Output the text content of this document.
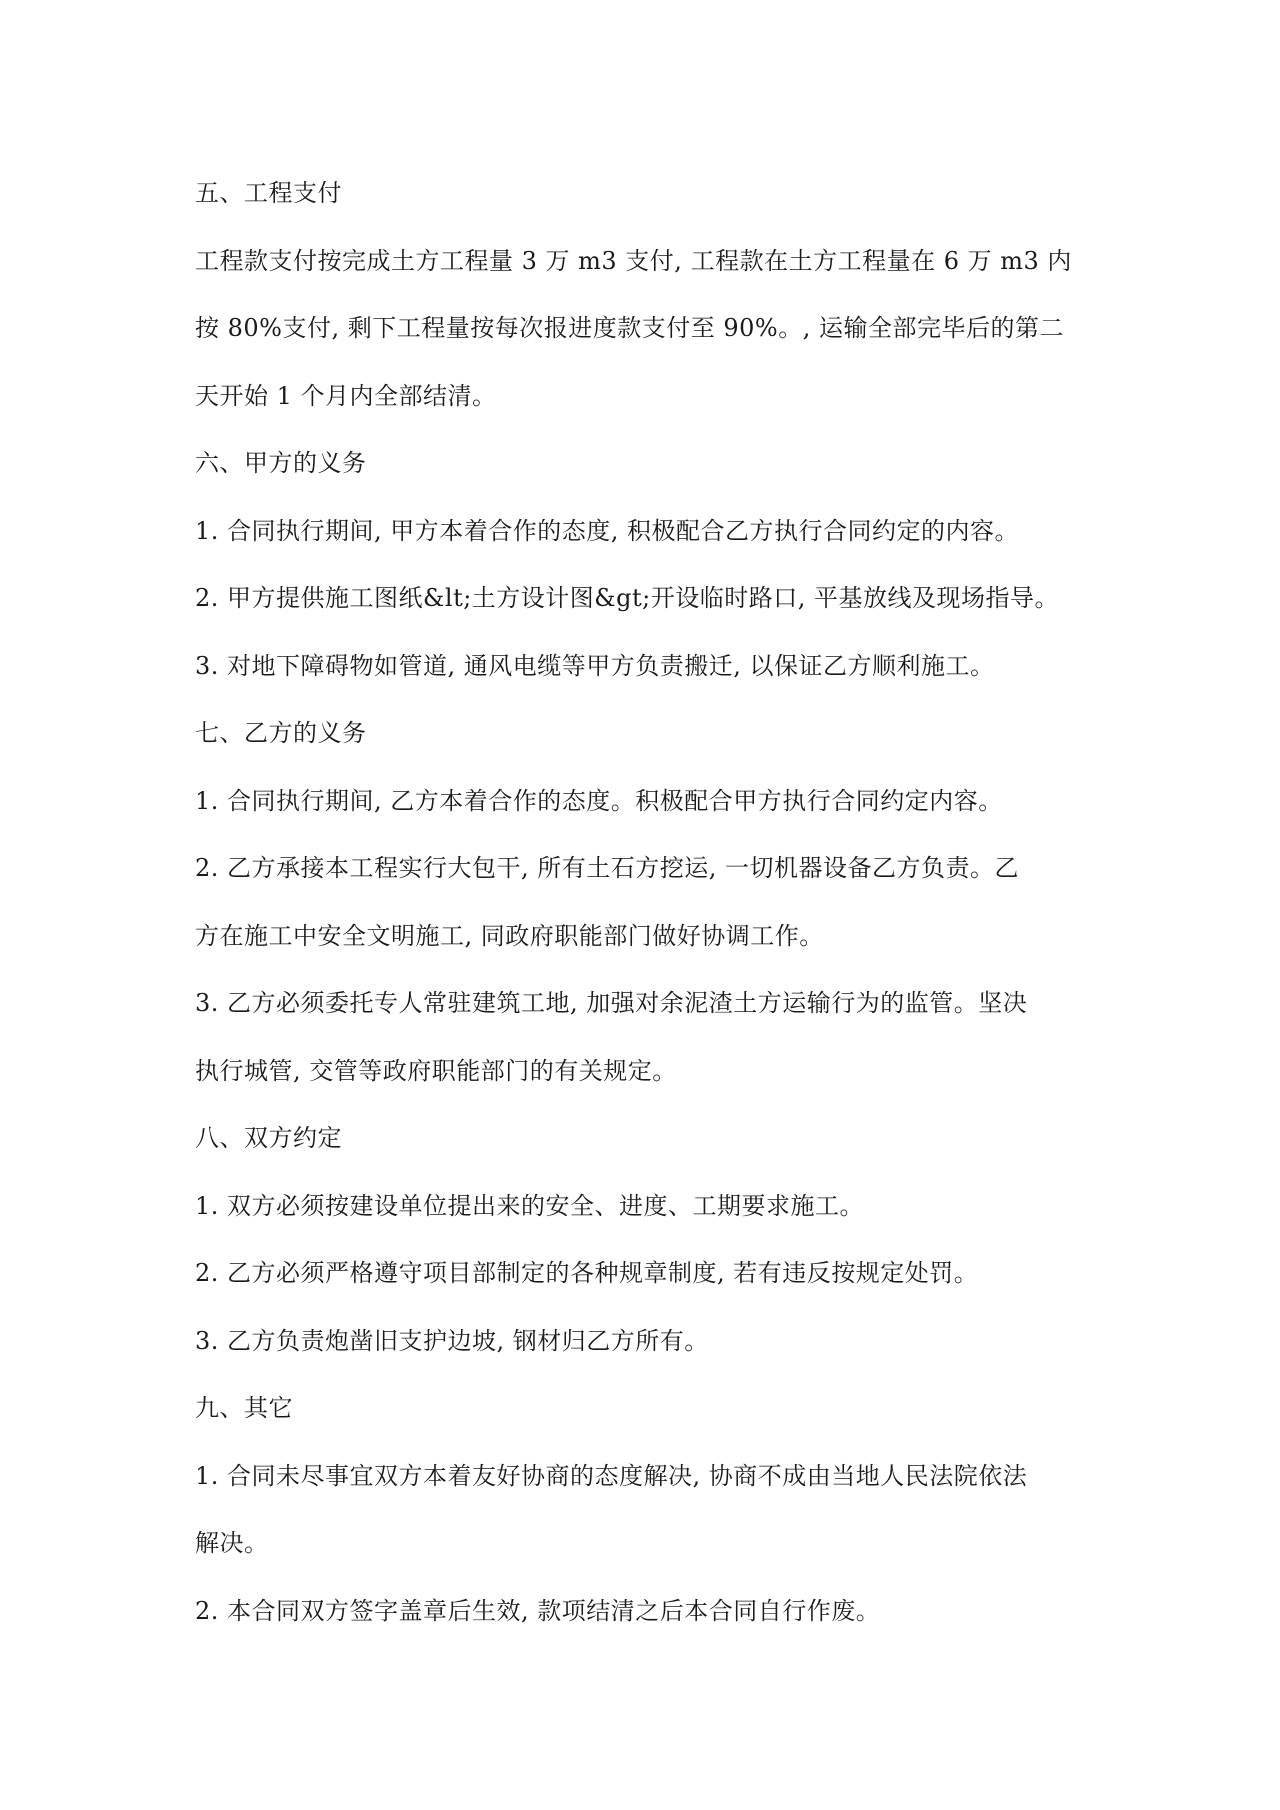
五、工程支付
工程款支付按完成土方工程量 3 万 m3 支付, 工程款在土方工程量在 6 万 m3 内
按 80%支付, 剩下工程量按每次报进度款支付至 90%。, 运输全部完毕后的第二
天开始 1 个月内全部结清。
六、甲方的义务
1. 合同执行期间, 甲方本着合作的态度, 积极配合乙方执行合同约定的内容。
2. 甲方提供施工图纸&lt;土方设计图&gt;开设临时路口, 平基放线及现场指导。
3. 对地下障碍物如管道, 通风电缆等甲方负责搬迁, 以保证乙方顺利施工。
七、乙方的义务
1. 合同执行期间, 乙方本着合作的态度。积极配合甲方执行合同约定内容。
2. 乙方承接本工程实行大包干, 所有土石方挖运, 一切机器设备乙方负责。乙
方在施工中安全文明施工, 同政府职能部门做好协调工作。
3. 乙方必须委托专人常驻建筑工地, 加强对余泥渣土方运输行为的监管。坚决
执行城管, 交管等政府职能部门的有关规定。
八、双方约定
1. 双方必须按建设单位提出来的安全、进度、工期要求施工。
2. 乙方必须严格遵守项目部制定的各种规章制度, 若有违反按规定处罚。
3. 乙方负责炮凿旧支护边坡, 钢材归乙方所有。
九、其它
1. 合同未尽事宜双方本着友好协商的态度解决, 协商不成由当地人民法院依法
解决。
2. 本合同双方签字盖章后生效, 款项结清之后本合同自行作废。
